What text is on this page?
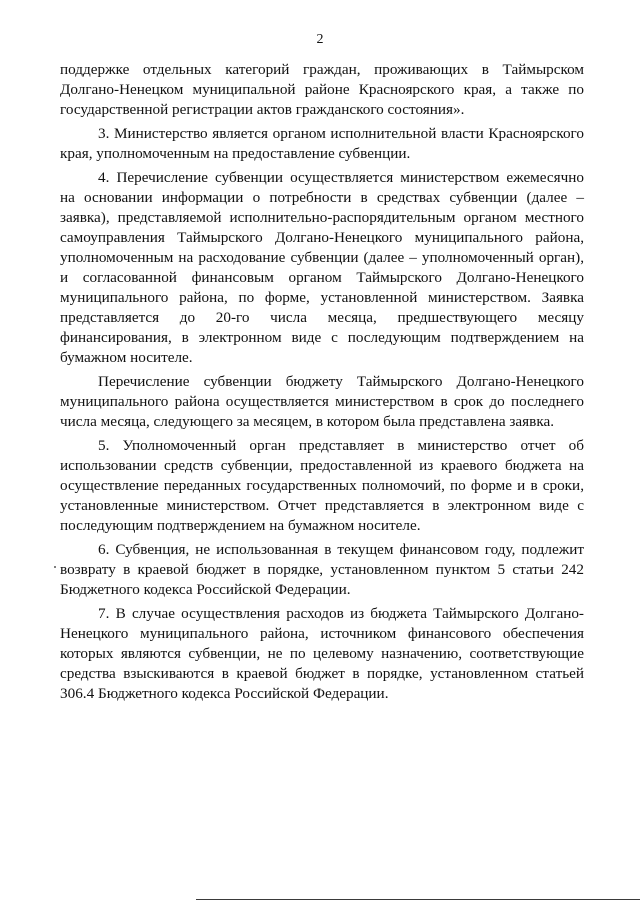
2

поддержке отдельных категорий граждан, проживающих в Таймырском Долгано-Ненецком муниципальной районе Красноярского края, а также по государственной регистрации актов гражданского состояния».

3. Министерство является органом исполнительной власти Красноярского края, уполномоченным на предоставление субвенции.

4. Перечисление субвенции осуществляется министерством ежемесячно на основании информации о потребности в средствах субвенции (далее – заявка), представляемой исполнительно-распорядительным органом местного самоуправления Таймырского Долгано-Ненецкого муниципального района, уполномоченным на расходование субвенции (далее – уполномоченный орган), и согласованной финансовым органом Таймырского Долгано-Ненецкого муниципального района, по форме, установленной министерством. Заявка представляется до 20-го числа месяца, предшествующего месяцу финансирования, в электронном виде с последующим подтверждением на бумажном носителе.

Перечисление субвенции бюджету Таймырского Долгано-Ненецкого муниципального района осуществляется министерством в срок до последнего числа месяца, следующего за месяцем, в котором была представлена заявка.

5. Уполномоченный орган представляет в министерство отчет об использовании средств субвенции, предоставленной из краевого бюджета на осуществление переданных государственных полномочий, по форме и в сроки, установленные министерством. Отчет представляется в электронном виде с последующим подтверждением на бумажном носителе.

6. Субвенция, не использованная в текущем финансовом году, подлежит возврату в краевой бюджет в порядке, установленном пунктом 5 статьи 242 Бюджетного кодекса Российской Федерации.

7. В случае осуществления расходов из бюджета Таймырского Долгано-Ненецкого муниципального района, источником финансового обеспечения которых являются субвенции, не по целевому назначению, соответствующие средства взыскиваются в краевой бюджет в порядке, установленном статьей 306.4 Бюджетного кодекса Российской Федерации.
